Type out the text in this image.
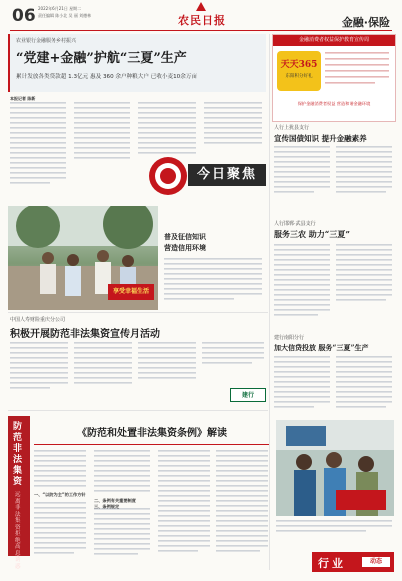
06 2022年6月21日 星期二
责任编辑 陈小北 吴 丽 刘德林	农民日报	金融·保险
农业银行金融服务乡村振兴
“党建+金融”护航“三夏”生产
累计发放各类贷款超 1.3亿元 惠及 360 余户种粮大户 已收小麦10余万亩
本报记者 陈新
今日聚焦
金融消费者权益保护教育宣传周
天天365
东阳积分好礼
保护金融消费者权益 营造和谐金融环境
人行上犹县支行
宣传国债知识 提升金融素养
享受幸福生活
普及征信知识
营造信用环境
人行邯郸·武县支行
服务三农 助力“三夏”
中国人寿财险重庆分公司
积极开展防范非法集资宣传月活动
建行
建行南阳分行
加大信贷投放 服务“三夏”生产
防范非法集资
远离非法集资 拒绝高息诱惑
《防范和处置非法集资条例》解读
一、“以防为主”的工作方针
二、条例有关重要制度
三、条例规定
行业	动态
